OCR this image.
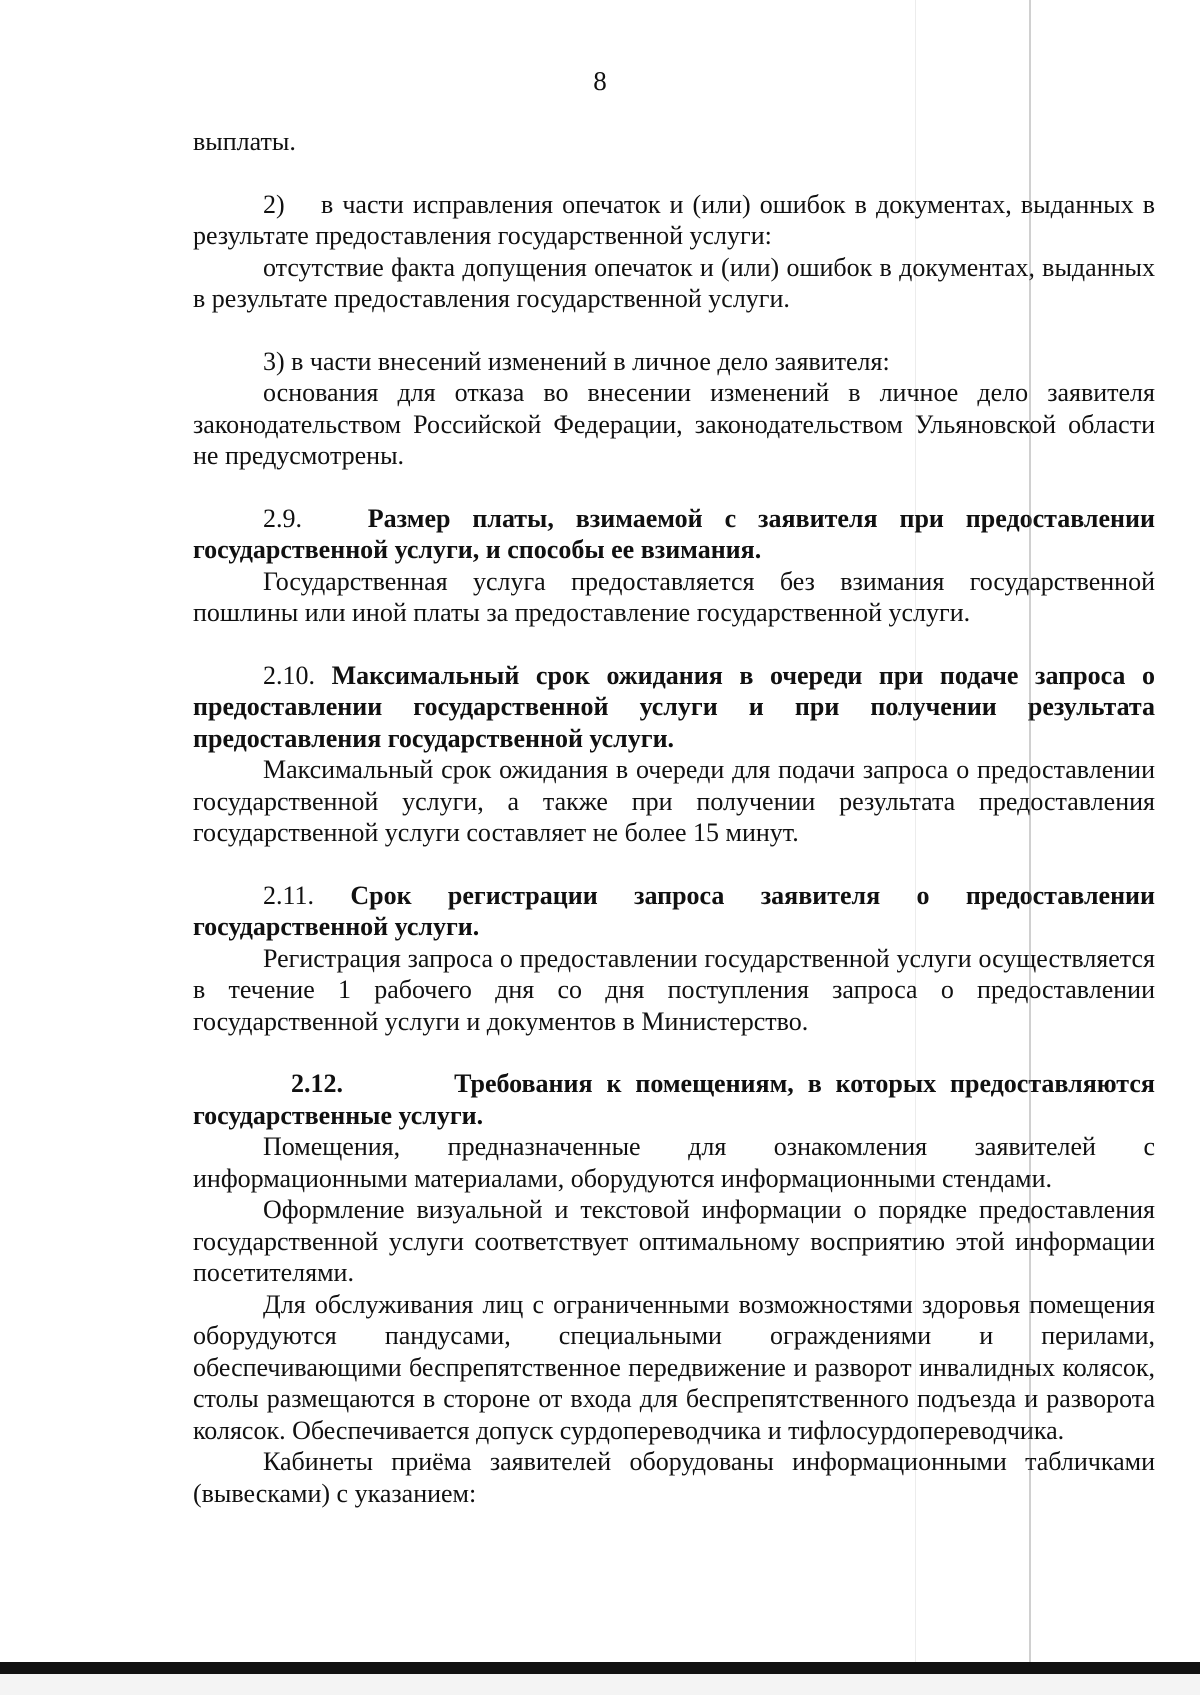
8

выплаты.

2)    в части исправления опечаток и (или) ошибок в документах, выданных в результате предоставления государственной услуги:

отсутствие факта допущения опечаток и (или) ошибок в документах, выданных в результате предоставления государственной услуги.

3) в части внесений изменений в личное дело заявителя:

основания для отказа во внесении изменений в личное дело заявителя законодательством Российской Федерации, законодательством Ульяновской области не предусмотрены.

2.9.	Размер платы, взимаемой с заявителя при предоставлении государственной услуги, и способы ее взимания.

Государственная услуга предоставляется без взимания государственной пошлины или иной платы за предоставление государственной услуги.

2.10. Максимальный срок ожидания в очереди при подаче запроса о предоставлении государственной услуги и при получении результата предоставления государственной услуги.

Максимальный срок ожидания в очереди для подачи запроса о предоставлении государственной услуги, а также при получении результата предоставления государственной услуги составляет не более 15 минут.

2.11. Срок регистрации запроса заявителя о предоставлении государственной услуги.

Регистрация запроса о предоставлении государственной услуги осуществляется в течение 1 рабочего дня со дня поступления запроса о предоставлении государственной услуги и документов в Министерство.

2.12.        Требования к помещениям, в которых предоставляются государственные услуги.

Помещения, предназначенные для ознакомления заявителей с информационными материалами, оборудуются информационными стендами.

Оформление визуальной и текстовой информации о порядке предоставления государственной услуги соответствует оптимальному восприятию этой информации посетителями.

Для обслуживания лиц с ограниченными возможностями здоровья помещения оборудуются пандусами, специальными ограждениями и перилами, обеспечивающими беспрепятственное передвижение и разворот инвалидных колясок, столы размещаются в стороне от входа для беспрепятственного подъезда и разворота колясок. Обеспечивается допуск сурдопереводчика и тифлосурдопереводчика.

Кабинеты приёма заявителей оборудованы информационными табличками (вывесками) с указанием:
